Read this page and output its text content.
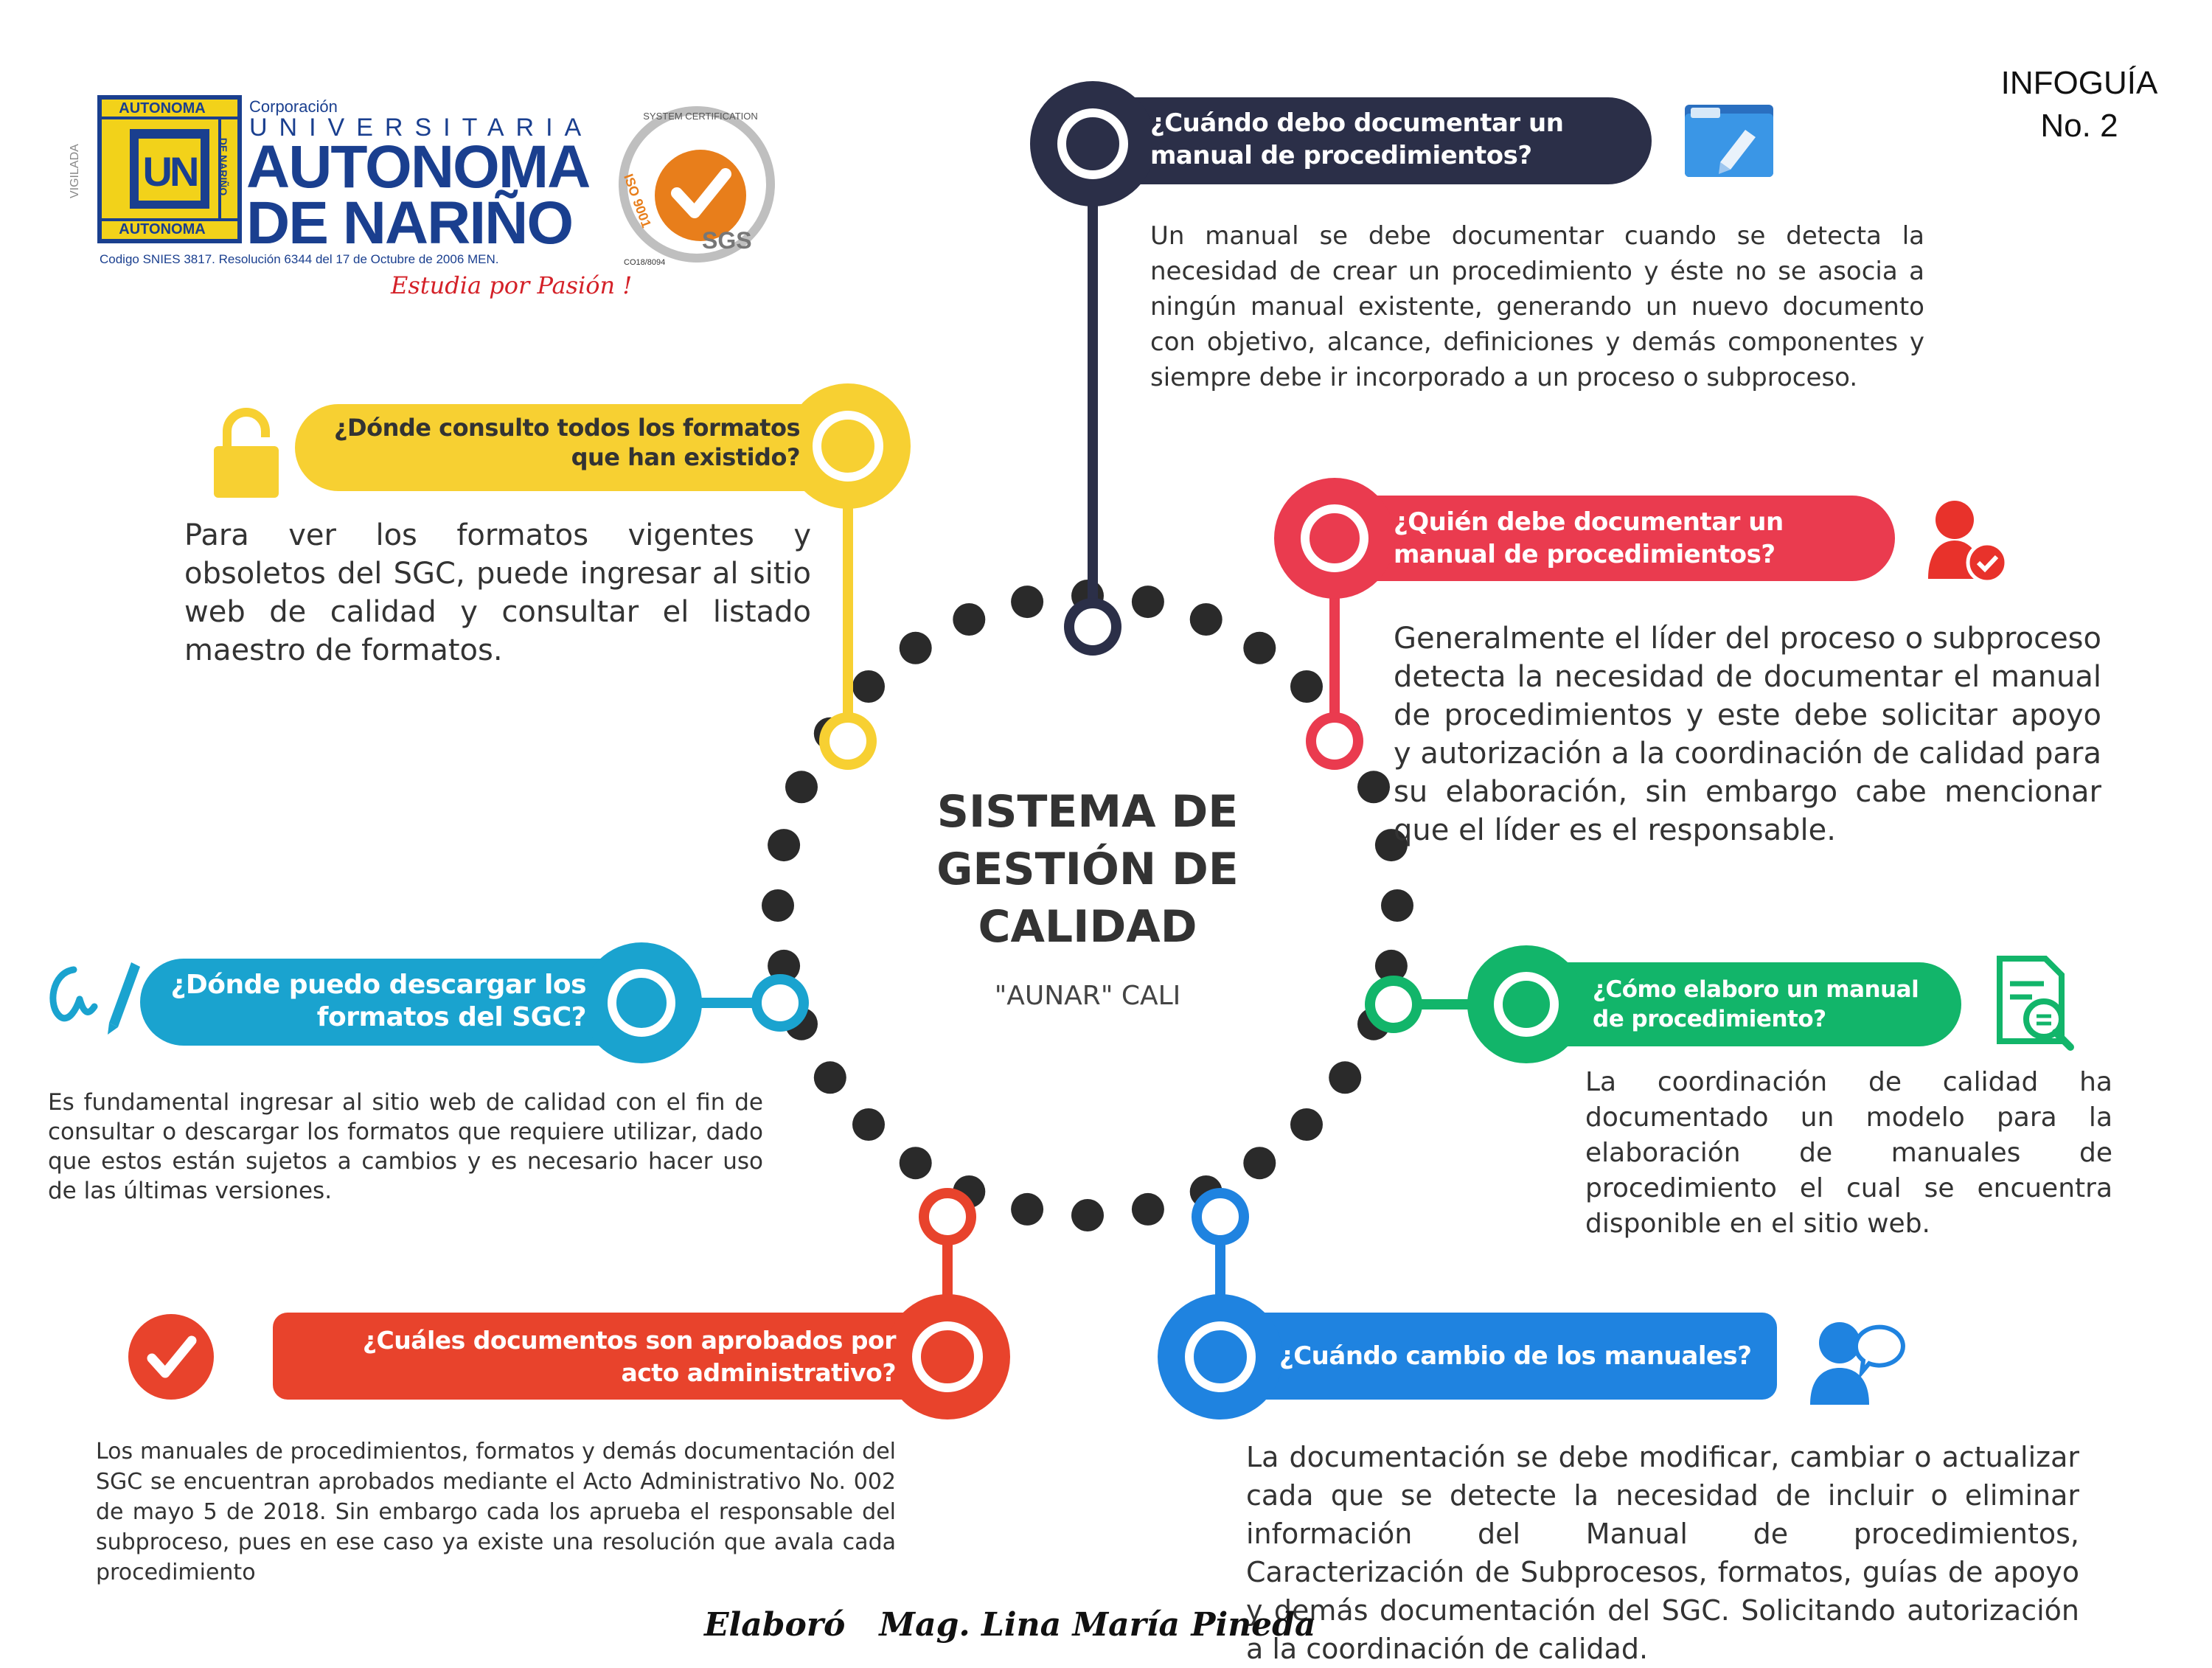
INFOGUÍA
No. 2
AUTONOMA
AUTONOMA
DE NARIÑO
UN
VIGILADA
Corporación
UNIVERSITARIA
AUTONOMA
DE NARIÑO
Codigo SNIES 3817. Resolución 6344 del 17 de Octubre de 2006 MEN.
Estudia por Pasión !
SYSTEM CERTIFICATION
ISO 9001
SGS
CO18/8094
SISTEMA DE
GESTIÓN DE
CALIDAD
"AUNAR" CALI
¿Cuándo debo documentar un
manual de procedimientos?
¿Dónde consulto todos los formatos
que han existido?
¿Quién debe documentar un
manual de procedimientos?
¿Dónde puedo descargar los
formatos del SGC?
¿Cómo elaboro un manual
de procedimiento?
¿Cuáles documentos son aprobados por
acto administrativo?
¿Cuándo cambio de los manuales?
Un manual se debe documentar cuando se detecta la necesidad de crear un procedimiento y éste no se asocia a ningún manual existente, generando un nuevo documento con objetivo, alcance, definiciones y demás componentes y siempre debe ir incorporado a un proceso o subproceso.
Para ver los formatos vigentes y obsoletos del SGC, puede ingresar al sitio web de calidad y consultar el listado maestro de formatos.	Generalmente el líder del proceso o subproceso detecta la necesidad de documentar el manual de procedimientos y este debe solicitar apoyo y autorización a la coordinación de calidad para su elaboración, sin embargo cabe mencionar que el líder es el responsable.
Es fundamental ingresar al sitio web de calidad con el fin de consultar o descargar los formatos que requiere utilizar, dado que estos están sujetos a cambios y es necesario hacer uso de las últimas versiones.
La coordinación de calidad ha documentado un modelo para la elaboración de manuales de procedimiento el cual se encuentra disponible en el sitio web.
Los manuales de procedimientos, formatos y demás documentación del SGC se encuentran aprobados mediante el Acto Administrativo No. 002 de mayo 5 de 2018. Sin embargo cada los aprueba el responsable del subproceso, pues en ese caso ya existe una resolución que avala cada procedimiento
La documentación se debe modificar, cambiar o actualizar cada que se detecte la necesidad de incluir o eliminar información del Manual de procedimientos, Caracterización de Subprocesos, formatos, guías de apoyo y demás documentación del SGC. Solicitando autorización a la coordinación de calidad.
Elaboró   Mag. Lina María Pineda
